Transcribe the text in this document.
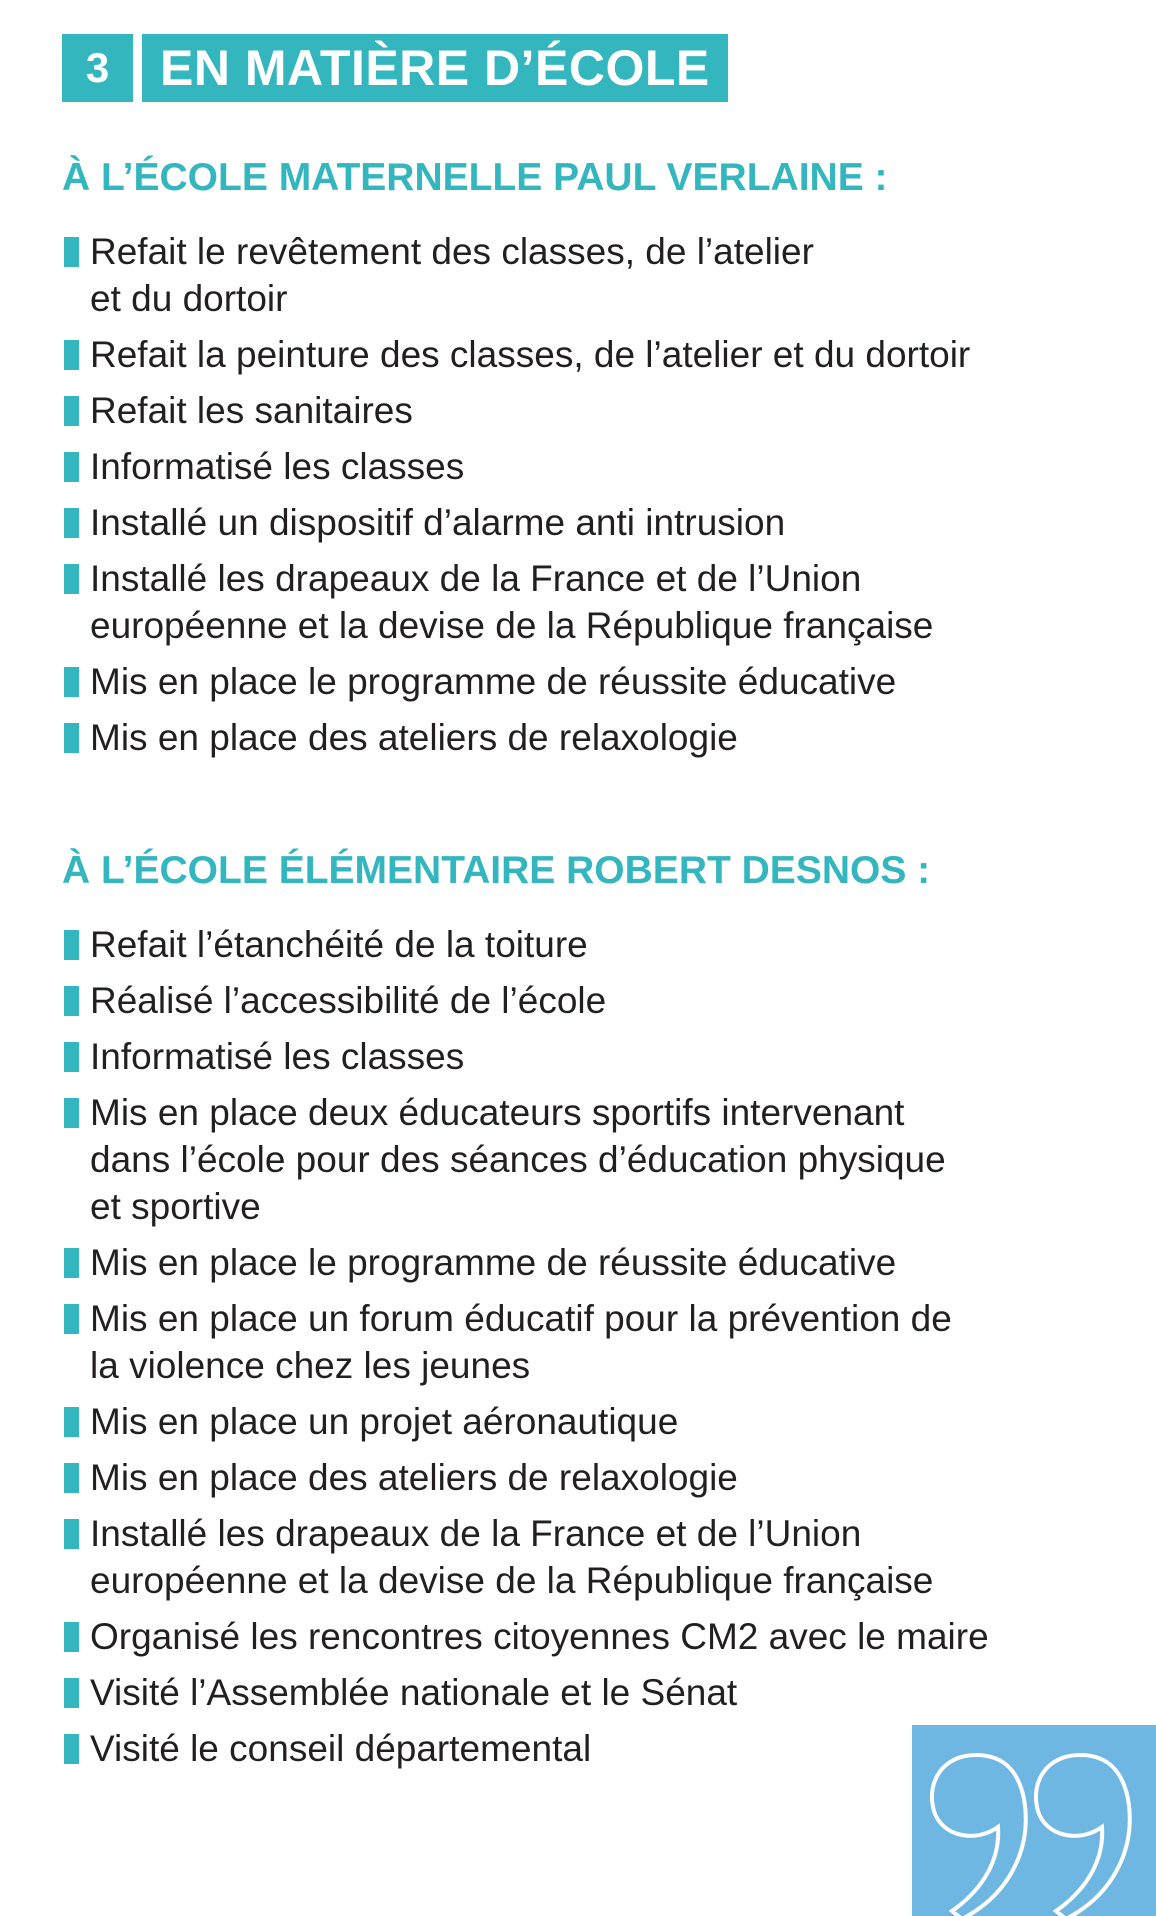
3	EN MATIÈRE D’ÉCOLE
À L’ÉCOLE MATERNELLE PAUL VERLAINE :
Refait le revêtement des classes, de l’atelier
et du dortoir
Refait la peinture des classes, de l’atelier et du dortoir
Refait les sanitaires
Informatisé les classes
Installé un dispositif d’alarme anti intrusion
Installé les drapeaux de la France et de l’Union
européenne et la devise de la République française
Mis en place le programme de réussite éducative
Mis en place des ateliers de relaxologie
À L’ÉCOLE ÉLÉMENTAIRE ROBERT DESNOS :
Refait l’étanchéité de la toiture
Réalisé l’accessibilité de l’école
Informatisé les classes
Mis en place deux éducateurs sportifs intervenant
dans l’école pour des séances d’éducation physique
et sportive
Mis en place le programme de réussite éducative
Mis en place un forum éducatif pour la prévention de
la violence chez les jeunes
Mis en place un projet aéronautique
Mis en place des ateliers de relaxologie
Installé les drapeaux de la France et de l’Union
européenne et la devise de la République française
Organisé les rencontres citoyennes CM2 avec le maire
Visité l’Assemblée nationale et le Sénat
Visité le conseil départemental
